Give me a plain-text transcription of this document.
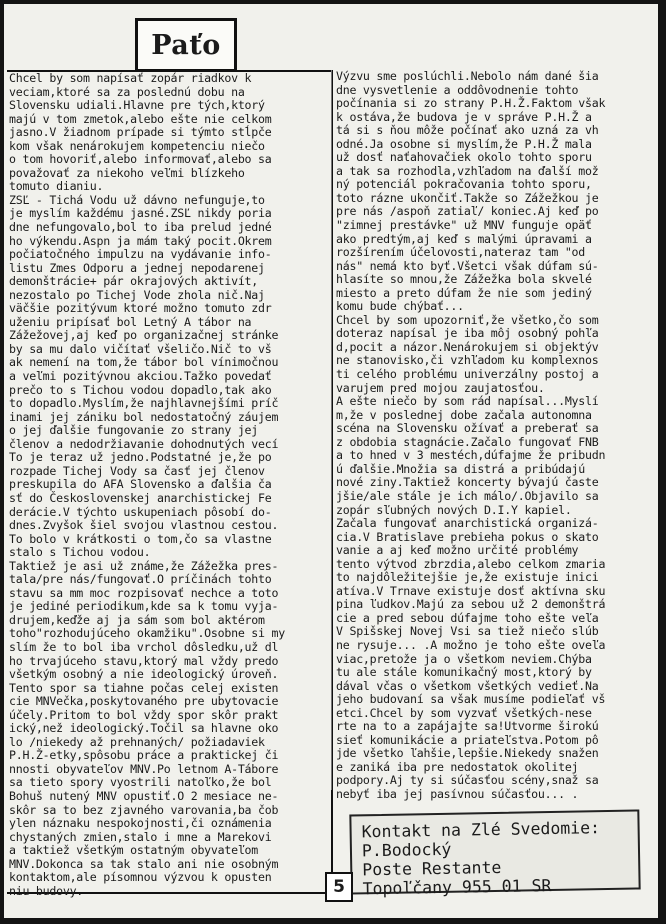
Paťo
Chcel by som napísať zopár riadkov k
veciam,ktoré sa za poslednú dobu na
Slovensku udiali.Hlavne pre tých,ktorý
majú v tom zmetok,alebo ešte nie celkom
jasno.V žiadnom prípade si týmto stĺpče
kom však nenárokujem kompetenciu niečo
o tom hovoriť,alebo informovať,alebo sa
považovať za niekoho veľmi blízkeho
tomuto dianiu.
ZSĽ - Tichá Vodu už dávno nefunguje,to
je myslím každému jasné.ZSĽ nikdy poria
dne nefungovalo,bol to iba prelud jedné
ho výkendu.Aspn ja mám taký pocit.Okrem
počiatočného impulzu na vydávanie info-
listu Zmes Odporu a jednej nepodarenej
demonštrácie+ pár okrajových aktivít,
nezostalo po Tichej Vode zhola nič.Naj
väčšie pozitývum ktoré možno tomuto zdr
uženiu pripísať bol Letný A tábor na
Zážežovej,aj keď po organizačnej stránke
by sa mu dalo vičítať všeličo.Nič to vš
ak nemení na tom,že tábor bol vínimočnou
a veľmi pozitývnou akciou.Tažko povedať
prečo to s Tichou vodou dopadlo,tak ako
to dopadlo.Myslím,že najhlavnejšími príč
inami jej zániku bol nedostatočný záujem
o jej ďalšie fungovanie zo strany jej
členov a nedodržiavanie dohodnutých vecí
To je teraz už jedno.Podstatné je,že po
rozpade Tichej Vody sa časť jej členov
preskupila do AFA Slovensko a ďalšia ča
sť do Československej anarchistickej Fe
derácie.V týchto uskupeniach pôsobí do-
dnes.Zvyšok šiel svojou vlastnou cestou.
To bolo v krátkosti o tom,čo sa vlastne
stalo s Tichou vodou.
Taktiež je asi už známe,že Zážežka pres-
tala/pre nás/fungovať.O príčinách tohto
stavu sa mm moc rozpisovať nechce a toto
je jediné periodikum,kde sa k tomu vyja-
drujem,keďže aj ja sám som bol aktérom
toho"rozhodujúceho okamžiku".Osobne si my
slím že to bol iba vrchol dôsledku,už dl
ho trvajúceho stavu,ktorý mal vždy predo
všetkým osobný a nie ideologický úroveň.
Tento spor sa tiahne počas celej existen
cie MNVečka,poskytovaného pre ubytovacie
účely.Pritom to bol vždy spor skôr prakt
ický,než ideologický.Točil sa hlavne oko
lo /niekedy až prehnaných/ požiadaviek
P.H.Ž-etky,spôsobu práce a praktickej či
nnosti obyvateľov MNV.Po letnom A-Tábore
sa tieto spory vyostrili natoľko,že bol
Bohuš nutený MNV opustiť.O 2 mesiace ne-
skôr sa to bez zjavného varovania,ba čob
ylen náznaku nespokojnosti,či oznámenia
chystaných zmien,stalo i mne a Marekovi
a taktiež všetkým ostatným obyvateľom
MNV.Dokonca sa tak stalo ani nie osobným
kontaktom,ale písomnou výzvou k opusten
niu budovy.
Výzvu sme poslúchli.Nebolo nám dané šia
dne vysvetlenie a oddôvodnenie tohto
počínania si zo strany P.H.Ž.Faktom však
k ostáva,že budova je v správe P.H.Ž a
tá si s ňou môže počínať ako uzná za vh
odné.Ja osobne si myslím,že P.H.Ž mala
už dosť naťahovačiek okolo tohto sporu
a tak sa rozhodla,vzhľadom na ďalší mož
ný potenciál pokračovania tohto sporu,
toto rázne ukončiť.Takže so Zážežkou je
pre nás /aspoň zatiaľ/ koniec.Aj keď po
"zimnej prestávke" už MNV funguje opäť
ako predtým,aj keď s malými úpravami a
rozšírením účelovosti,nateraz tam "od
nás" nemá kto byť.Všetci však dúfam sú-
hlasíte so mnou,že Zážežka bola skvelé
miesto a preto dúfam že nie som jediný
komu bude chýbať...
Chcel by som upozorniť,že všetko,čo som
doteraz napísal je iba môj osobný pohľa
d,pocit a názor.Nenárokujem si objektýv
ne stanovisko,či vzhľadom ku komplexnos
ti celého problému univerzálny postoj a
varujem pred mojou zaujatosťou.
A ešte niečo by som rád napísal...Myslí
m,že v poslednej dobe začala autonomna
scéna na Slovensku ožívať a preberať sa
z obdobia stagnácie.Začalo fungovať FNB
a to hned v 3 mestéch,dúfajme že pribudn
ú ďalšie.Množia sa distrá a pribúdajú
nové ziny.Taktiež koncerty bývajú časte
jšie/ale stále je ich málo/.Objavilo sa
zopár sľubných nových D.I.Y kapiel.
Začala fungovať anarchistická organizá-
cia.V Bratislave prebieha pokus o skato
vanie a aj keď možno určité problémy
tento výtvod zbrzdia,alebo celkom zmaria
to najdôležitejšie je,že existuje inici
atíva.V Trnave existuje dosť aktívna sku
pina ľudkov.Majú za sebou už 2 demonštrá
cie a pred sebou dúfajme toho ešte veľa
V Spišskej Novej Vsi sa tiež niečo slúb
ne rysuje... .A možno je toho ešte oveľa
viac,pretože ja o všetkom neviem.Chýba
tu ale stále komunikačný most,ktorý by
dával včas o všetkom všetkých vedieť.Na
jeho budovaní sa však musíme podieľať vš
etci.Chcel by som vyzvať všetkých-nese
rte na to a zapájajte sa!Utvorme širokú
sieť komunikácie a priateľstva.Potom pô
jde všetko ľahšie,lepšie.Niekedy snažen
e zaniká iba pre nedostatok okolitej
podpory.Aj ty si súčasťou scény,snaž sa
nebyť iba jej pasívnou súčasťou... .
Kontakt na Zlé Svedomie:
P.Bodocký
Poste Restante
Topoľčany 955 01 SR
5
